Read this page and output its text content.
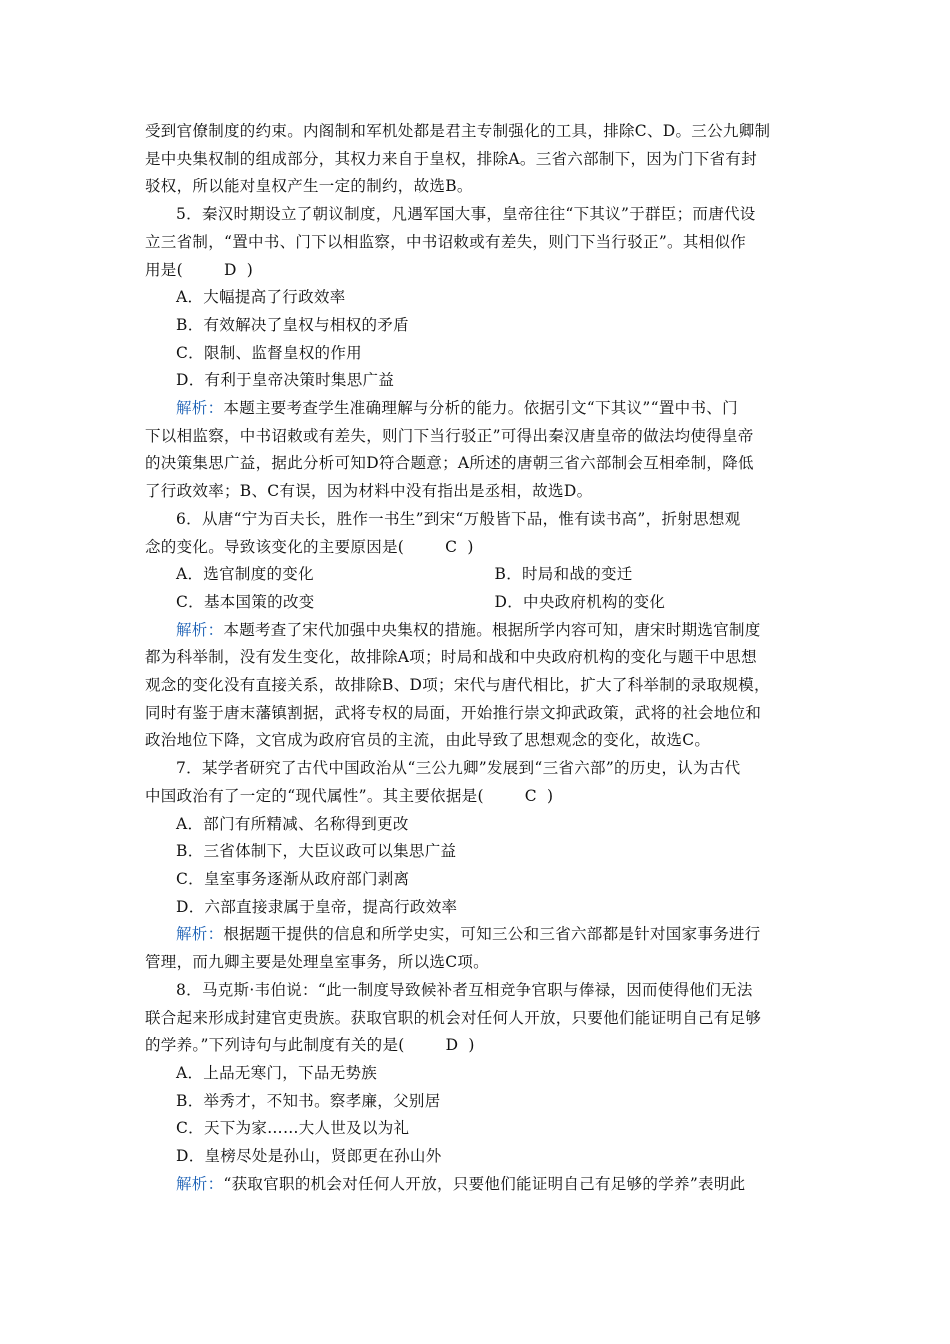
受到官僚制度的约束。内阁制和军机处都是君主专制强化的工具，排除C、D。三公九卿制
是中央集权制的组成部分，其权力来自于皇权，排除A。三省六部制下，因为门下省有封
驳权，所以能对皇权产生一定的制约，故选B。

5．秦汉时期设立了朝议制度，凡遇军国大事，皇帝往往“下其议”于群臣；而唐代设
立三省制，“置中书、门下以相监察，中书诏敕或有差失，则门下当行驳正”。其相似作
用是(	D )

A．大幅提高了行政效率

B．有效解决了皇权与相权的矛盾

C．限制、监督皇权的作用

D．有利于皇帝决策时集思广益

解析：本题主要考查学生准确理解与分析的能力。依据引文“下其议”“置中书、门
下以相监察，中书诏敕或有差失，则门下当行驳正”可得出秦汉唐皇帝的做法均使得皇帝
的决策集思广益，据此分析可知D符合题意；A所述的唐朝三省六部制会互相牵制，降低
了行政效率；B、C有误，因为材料中没有指出是丞相，故选D。

6．从唐“宁为百夫长，胜作一书生”到宋“万般皆下品，惟有读书高”，折射思想观
念的变化。导致该变化的主要原因是(	C )

A．选官制度的变化	B．时局和战的变迁
C．基本国策的改变	D．中央政府机构的变化

解析：本题考查了宋代加强中央集权的措施。根据所学内容可知，唐宋时期选官制度
都为科举制，没有发生变化，故排除A项；时局和战和中央政府机构的变化与题干中思想
观念的变化没有直接关系，故排除B、D项；宋代与唐代相比，扩大了科举制的录取规模，
同时有鉴于唐末藩镇割据，武将专权的局面，开始推行崇文抑武政策，武将的社会地位和
政治地位下降，文官成为政府官员的主流，由此导致了思想观念的变化，故选C。

7．某学者研究了古代中国政治从“三公九卿”发展到“三省六部”的历史，认为古代
中国政治有了一定的“现代属性”。其主要依据是(	C )

A．部门有所精减、名称得到更改

B．三省体制下，大臣议政可以集思广益

C．皇室事务逐渐从政府部门剥离

D．六部直接隶属于皇帝，提高行政效率

解析：根据题干提供的信息和所学史实，可知三公和三省六部都是针对国家事务进行
管理，而九卿主要是处理皇室事务，所以选C项。

8．马克斯·韦伯说：“此一制度导致候补者互相竞争官职与俸禄，因而使得他们无法
联合起来形成封建官吏贵族。获取官职的机会对任何人开放，只要他们能证明自己有足够
的学养。”下列诗句与此制度有关的是(	D )

A．上品无寒门，下品无势族

B．举秀才，不知书。察孝廉，父别居

C．天下为家……大人世及以为礼

D．皇榜尽处是孙山，贤郎更在孙山外

解析：“获取官职的机会对任何人开放，只要他们能证明自己有足够的学养”表明此
